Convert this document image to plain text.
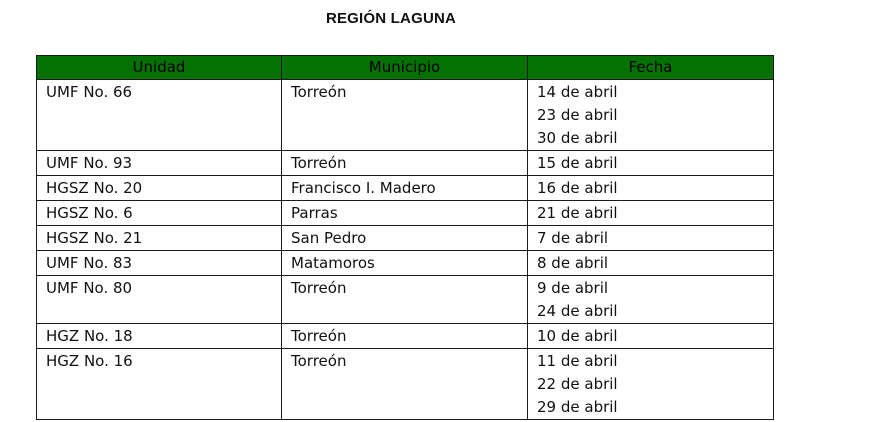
REGIÓN LAGUNA
Unidad	Municipio	Fecha
UMF No. 66	Torreón	14 de abril
23 de abril
30 de abril

UMF No. 93	Torreón	15 de abril

HGSZ No. 20	Francisco I. Madero	16 de abril

HGSZ No. 6	Parras	21 de abril

HGSZ No. 21	San Pedro	7 de abril

UMF No. 83	Matamoros	8 de abril

UMF No. 80	Torreón	9 de abril
24 de abril

HGZ No. 18	Torreón	10 de abril

HGZ No. 16	Torreón	11 de abril
22 de abril
29 de abril
